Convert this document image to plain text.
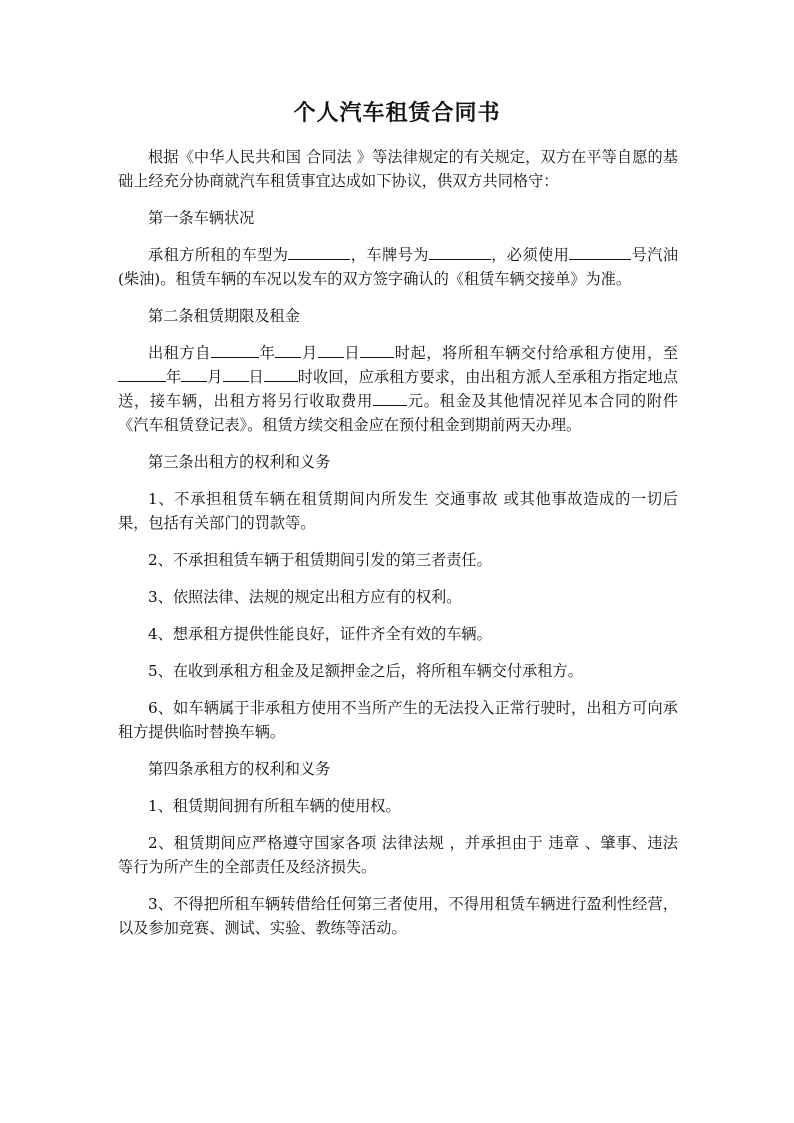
个人汽车租赁合同书

根据《中华人民共和国 合同法 》等法律规定的有关规定，双方在平等自愿的基础上经充分协商就汽车租赁事宜达成如下协议，供双方共同格守：

第一条车辆状况

承租方所租的车型为	，车牌号为	，必须使用	号汽油(柴油)。租赁车辆的车况以发车的双方签字确认的《租赁车辆交接单》为准。

第二条租赁期限及租金

出租方自	年 月 日 时起，将所租车辆交付给承租方使用，至年 月 日 时收回，应承租方要求，由出租方派人至承租方指定地点送，接车辆，出租方将另行收取费用 元。租金及其他情况祥见本合同的附件《汽车租赁登记表》。租赁方续交租金应在预付租金到期前两天办理。

第三条出租方的权利和义务

1、不承担租赁车辆在租赁期间内所发生 交通事故 或其他事故造成的一切后果，包括有关部门的罚款等。

2、不承担租赁车辆于租赁期间引发的第三者责任。

3、依照法律、法规的规定出租方应有的权利。

4、想承租方提供性能良好，证件齐全有效的车辆。

5、在收到承租方租金及足额押金之后，将所租车辆交付承租方。

6、如车辆属于非承租方使用不当所产生的无法投入正常行驶时，出租方可向承租方提供临时替换车辆。

第四条承租方的权利和义务

1、租赁期间拥有所租车辆的使用权。

2、租赁期间应严格遵守国家各项 法律法规 ，并承担由于 违章 、肇事、违法等行为所产生的全部责任及经济损失。

3、不得把所租车辆转借给任何第三者使用，不得用租赁车辆进行盈利性经营，以及参加竞赛、测试、实验、教练等活动。
